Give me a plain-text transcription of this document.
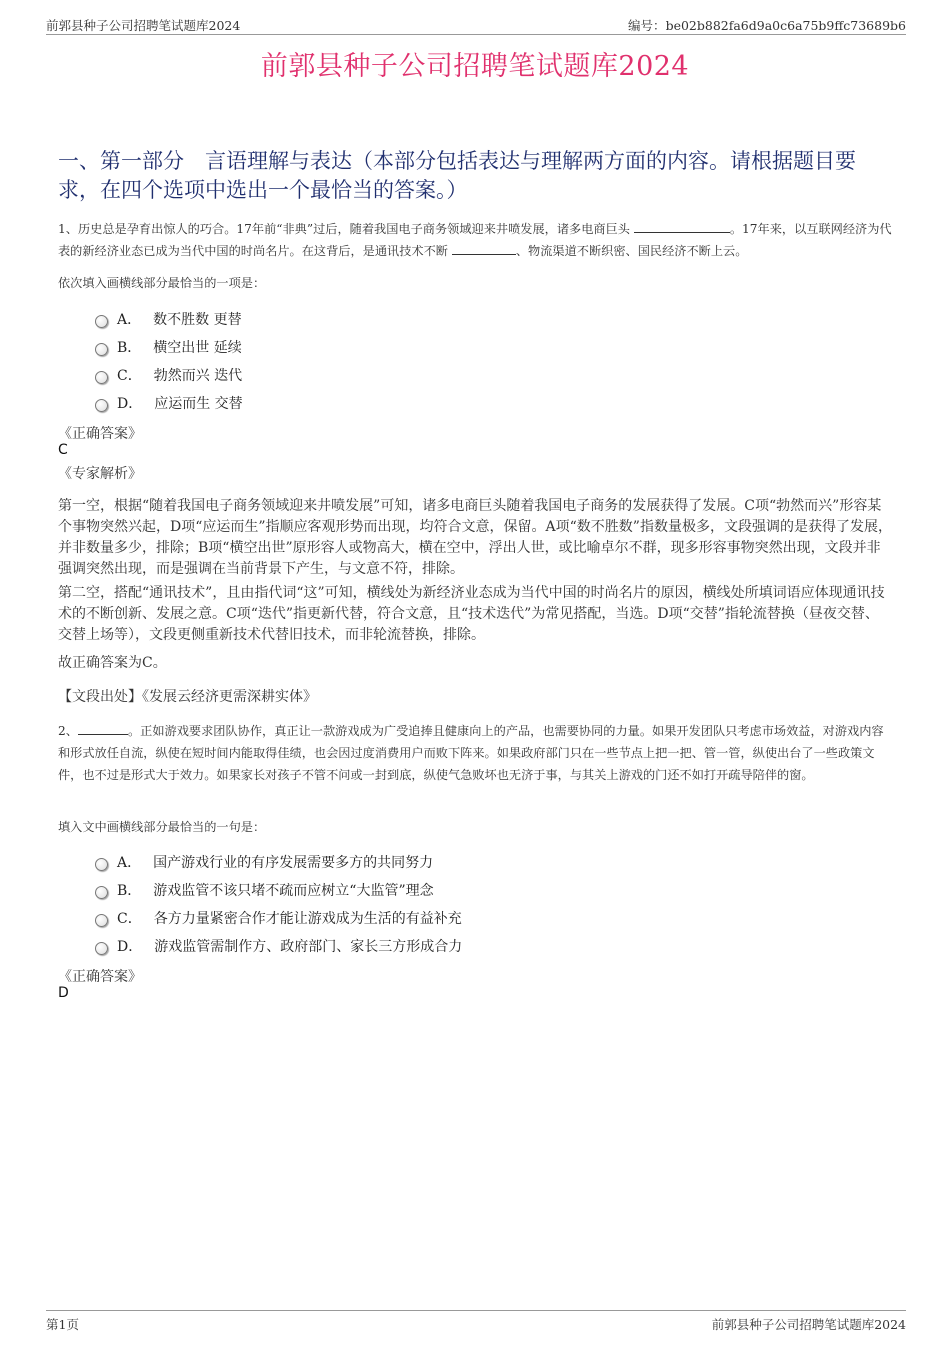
前郭县种子公司招聘笔试题库2024	编号：be02b882fa6d9a0c6a75b9ffc73689b6
前郭县种子公司招聘笔试题库2024
一、第一部分　言语理解与表达（本部分包括表达与理解两方面的内容。请根据题目要求，在四个选项中选出一个最恰当的答案。）
1、历史总是孕育出惊人的巧合。17年前“非典”过后，随着我国电子商务领域迎来井喷发展，诸多电商巨头	。17年来，以互联网经济为代表的新经济业态已成为当代中国的时尚名片。在这背后，是通讯技术不断	、物流渠道不断织密、国民经济不断上云。
依次填入画横线部分最恰当的一项是：
A． 数不胜数 更替
B． 横空出世 延续
C． 勃然而兴 迭代
D． 应运而生 交替
《正确答案》
C
《专家解析》
第一空，根据“随着我国电子商务领域迎来井喷发展”可知，诸多电商巨头随着我国电子商务的发展获得了发展。C项“勃然而兴”形容某个事物突然兴起，D项“应运而生”指顺应客观形势而出现，均符合文意，保留。A项“数不胜数”指数量极多，文段强调的是获得了发展，并非数量多少，排除；B项“横空出世”原形容人或物高大，横在空中，浮出人世，或比喻卓尔不群，现多形容事物突然出现，文段并非强调突然出现，而是强调在当前背景下产生，与文意不符，排除。
第二空，搭配“通讯技术”，且由指代词“这”可知，横线处为新经济业态成为当代中国的时尚名片的原因，横线处所填词语应体现通讯技术的不断创新、发展之意。C项“迭代”指更新代替，符合文意，且“技术迭代”为常见搭配，当选。D项“交替”指轮流替换（昼夜交替、交替上场等），文段更侧重新技术代替旧技术，而非轮流替换，排除。
故正确答案为C。
【文段出处】《发展云经济更需深耕实体》
2、	。正如游戏要求团队协作，真正让一款游戏成为广受追捧且健康向上的产品，也需要协同的力量。如果开发团队只考虑市场效益，对游戏内容和形式放任自流，纵使在短时间内能取得佳绩，也会因过度消费用户而败下阵来。如果政府部门只在一些节点上把一把、管一管，纵使出台了一些政策文件，也不过是形式大于效力。如果家长对孩子不管不问或一封到底，纵使气急败坏也无济于事，与其关上游戏的门还不如打开疏导陪伴的窗。
填入文中画横线部分最恰当的一句是：
A． 国产游戏行业的有序发展需要多方的共同努力
B． 游戏监管不该只堵不疏而应树立“大监管”理念
C． 各方力量紧密合作才能让游戏成为生活的有益补充
D． 游戏监管需制作方、政府部门、家长三方形成合力
《正确答案》
D
第1页	前郭县种子公司招聘笔试题库2024
